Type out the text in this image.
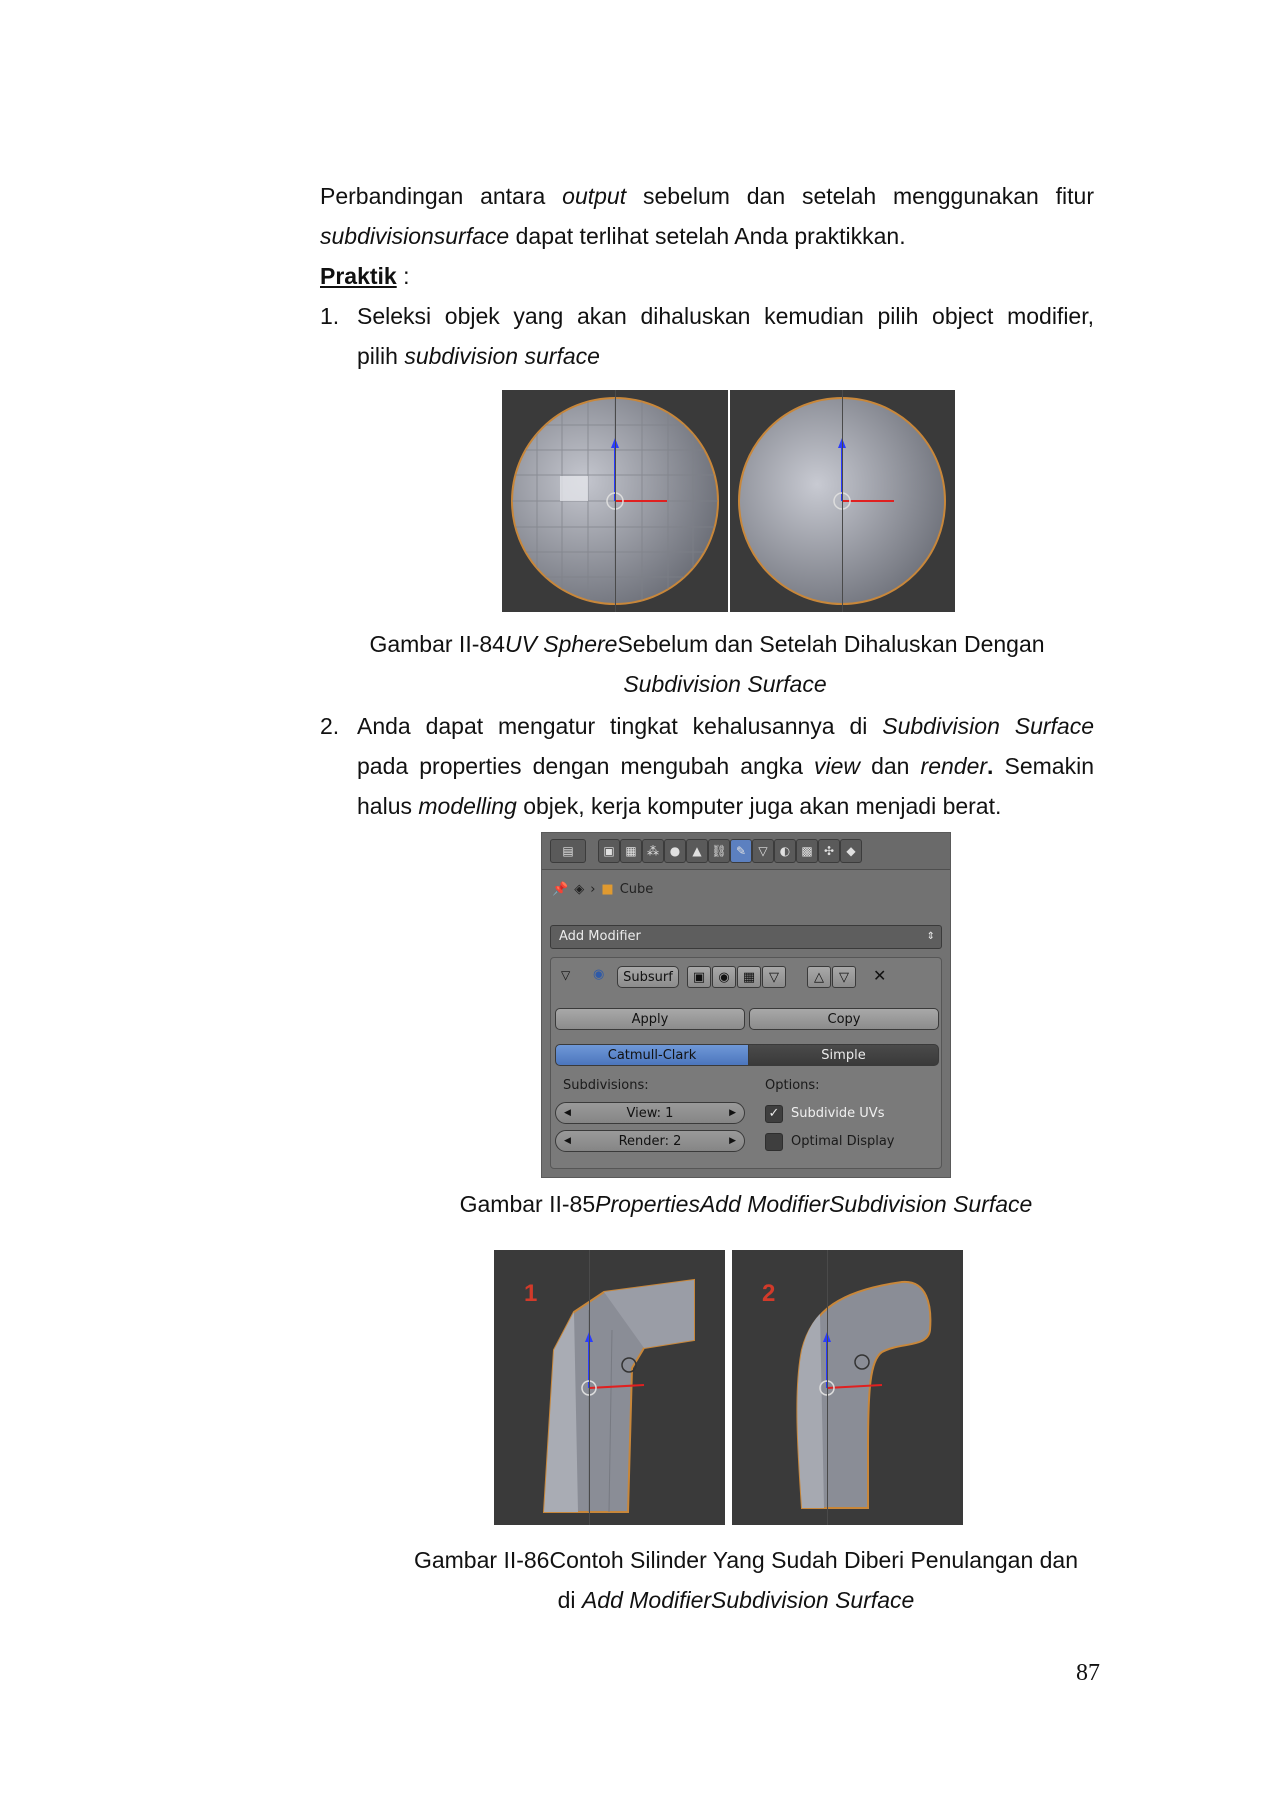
Perbandingan antara output sebelum dan setelah menggunakan fitur
subdivisionsurface dapat terlihat setelah Anda praktikkan.
Praktik :
1. Seleksi objek yang akan dihaluskan kemudian pilih object modifier,
pilih subdivision surface
Gambar II-84UV SphereSebelum dan Setelah Dihaluskan Dengan
Subdivision Surface
2. Anda dapat mengatur tingkat kehalusannya di Subdivision Surface
pada properties dengan mengubah angka view dan render. Semakin
halus modelling objek, kerja komputer juga akan menjadi berat.
▤	▣ ▦ ⁂ ●	▲ ⛓ ✎	▽	◐ ▩ ✣	◆
📌 ◈ › ■ Cube
Add Modifier	⇕
▽ ◉	Subsurf	▣	◉	▦	▽	△	▽	✕
Apply	Copy
Catmull-Clark	Simple
Subdivisions:	Options:
◀	View: 1	▶
◀	Render: 2	▶
✓ Subdivide UVs
Optimal Display
Gambar II-85PropertiesAdd ModifierSubdivision Surface
1	2
Gambar II-86Contoh Silinder Yang Sudah Diberi Penulangan dan
di Add ModifierSubdivision Surface
87
